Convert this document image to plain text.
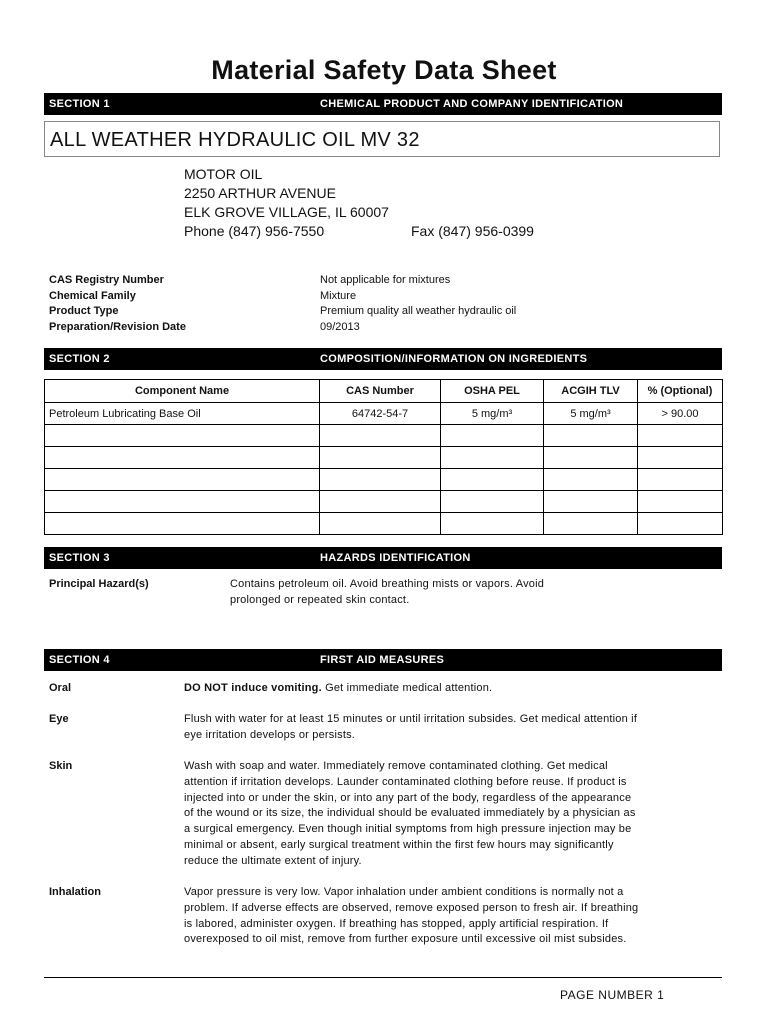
Material Safety Data Sheet
SECTION 1	CHEMICAL PRODUCT AND COMPANY IDENTIFICATION
ALL WEATHER HYDRAULIC OIL MV 32
MOTOR OIL
2250 ARTHUR AVENUE
ELK GROVE VILLAGE, IL 60007
Phone (847) 956-7550	Fax (847) 956-0399
CAS Registry Number	Not applicable for mixtures
Chemical Family	Mixture
Product Type	Premium quality all weather hydraulic oil
Preparation/Revision Date	09/2013
SECTION 2	COMPOSITION/INFORMATION ON INGREDIENTS
Component Name	CAS Number	OSHA PEL	ACGIH TLV	% (Optional)
Petroleum Lubricating Base Oil	64742-54-7	5 mg/m³	5 mg/m³	> 90.00

SECTION 3	HAZARDS IDENTIFICATION
Principal Hazard(s)	Contains petroleum oil. Avoid breathing mists or vapors. Avoid
prolonged or repeated skin contact.
SECTION 4	FIRST AID MEASURES
Oral	DO NOT induce vomiting. Get immediate medical attention.
Eye	Flush with water for at least 15 minutes or until irritation subsides. Get medical attention if
eye irritation develops or persists.
Skin	Wash with soap and water. Immediately remove contaminated clothing. Get medical
attention if irritation develops. Launder contaminated clothing before reuse. If product is
injected into or under the skin, or into any part of the body, regardless of the appearance
of the wound or its size, the individual should be evaluated immediately by a physician as
a surgical emergency. Even though initial symptoms from high pressure injection may be
minimal or absent, early surgical treatment within the first few hours may significantly
reduce the ultimate extent of injury.
Inhalation	Vapor pressure is very low. Vapor inhalation under ambient conditions is normally not a
problem. If adverse effects are observed, remove exposed person to fresh air. If breathing
is labored, administer oxygen. If breathing has stopped, apply artificial respiration. If
overexposed to oil mist, remove from further exposure until excessive oil mist subsides.
PAGE NUMBER 1
